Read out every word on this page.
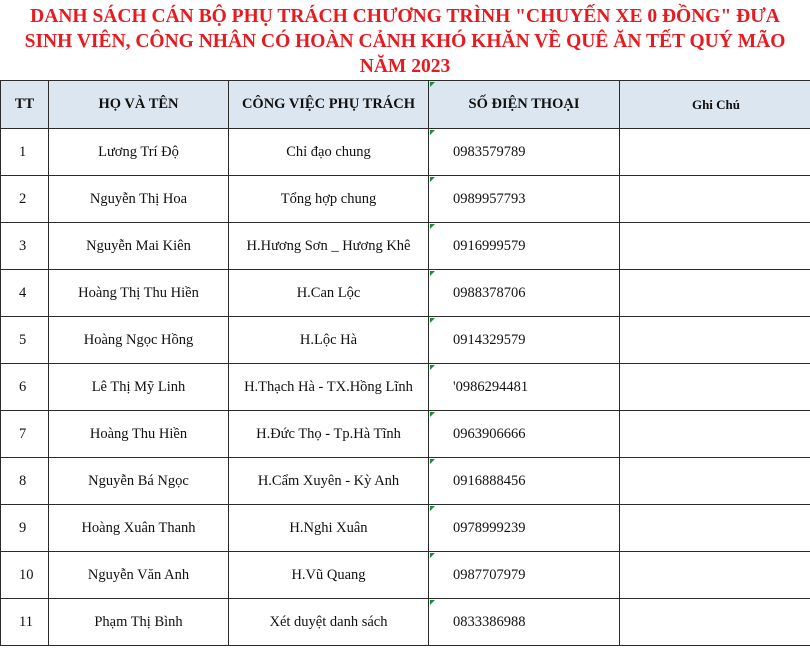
DANH SÁCH CÁN BỘ PHỤ TRÁCH CHƯƠNG TRÌNH "CHUYẾN XE 0 ĐỒNG" ĐƯA
SINH VIÊN, CÔNG NHÂN CÓ HOÀN CẢNH KHÓ KHĂN VỀ QUÊ ĂN TẾT QUÝ MÃO
NĂM 2023
TT	HỌ VÀ TÊN	CÔNG VIỆC PHỤ TRÁCH	SỐ ĐIỆN THOẠI	Ghi Chú
1	Lương Trí Độ	Chỉ đạo chung	0983579789	
2	Nguyễn Thị Hoa	Tổng hợp chung	0989957793	
3	Nguyễn Mai Kiên	H.Hương Sơn _ Hương Khê	0916999579	
4	Hoàng Thị Thu Hiền	H.Can Lộc	0988378706	
5	Hoàng Ngọc Hồng	H.Lộc Hà	0914329579	
6	Lê Thị Mỹ Linh	H.Thạch Hà - TX.Hồng Lĩnh	'0986294481	
7	Hoàng Thu Hiền	H.Đức Thọ - Tp.Hà Tĩnh	0963906666	
8	Nguyễn Bá Ngọc	H.Cẩm Xuyên - Kỳ Anh	0916888456	
9	Hoàng Xuân Thanh	H.Nghi Xuân	0978999239	
10	Nguyễn Văn Anh	H.Vũ Quang	0987707979	
11	Phạm Thị Bình	Xét duyệt danh sách	0833386988	
